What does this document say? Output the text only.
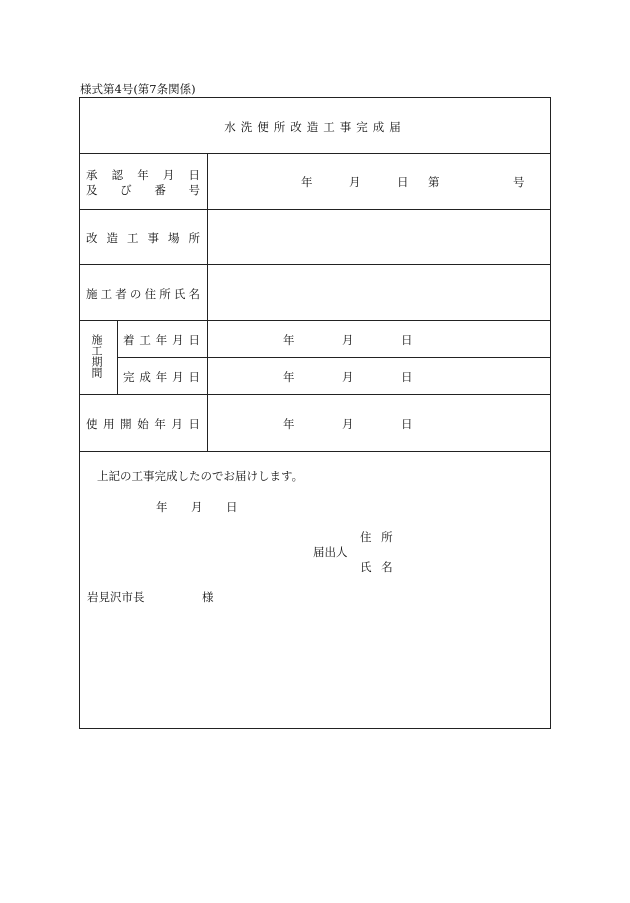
様式第4号(第7条関係)
水洗便所改造工事完成届
承 認 年 月 日
及 び 番 号
年	月	日 第	号
改 造 工 事 場 所
施 工 者 の 住 所 氏 名
施工期間 着 工 年 月 日	年	月	日
完 成 年 月 日	年	月	日
使 用 開 始 年 月 日	年	月	日
上記の工事完成したのでお届けします。
年 月 日
住 所
届出人
氏 名
岩見沢市長	様
